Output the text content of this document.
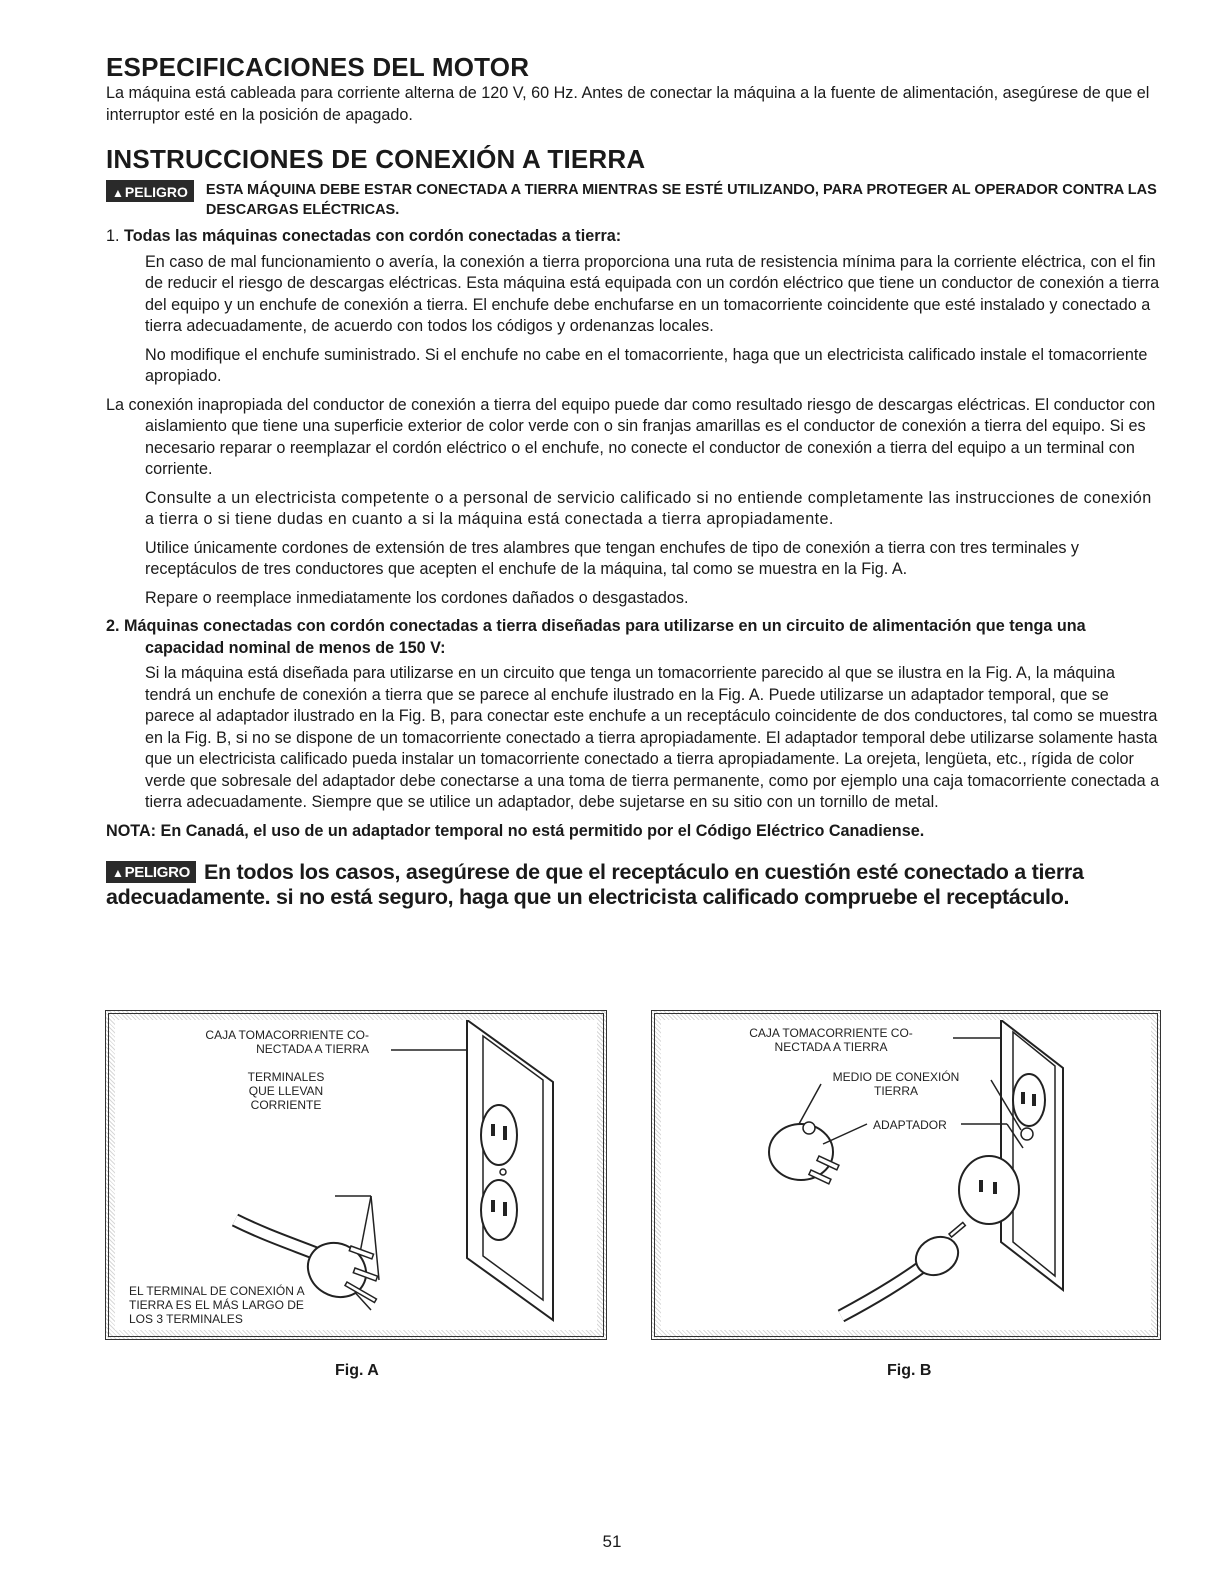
ESPECIFICACIONES DEL MOTOR

La máquina está cableada para corriente alterna de 120 V, 60 Hz. Antes de conectar la máquina a la fuente de alimentación, asegúrese de que el interruptor esté en la posición de apagado.

INSTRUCCIONES DE CONEXIÓN A TIERRA
▲PELIGRO	ESTA MÁQUINA DEBE ESTAR CONECTADA A TIERRA MIENTRAS SE ESTÉ UTILIZANDO, PARA PROTEGER AL OPERADOR CONTRA LAS DESCARGAS ELÉCTRICAS.
1. Todas las máquinas conectadas con cordón conectadas a tierra:

En caso de mal funcionamiento o avería, la conexión a tierra proporciona una ruta de resistencia mínima para la corriente eléctrica, con el fin de reducir el riesgo de descargas eléctricas. Esta máquina está equipada con un cordón eléctrico que tiene un conductor de conexión a tierra del equipo y un enchufe de conexión a tierra. El enchufe debe enchufarse en un tomacorriente coincidente que esté instalado y conectado a tierra adecuadamente, de acuerdo con todos los códigos y ordenanzas locales.

No modifique el enchufe suministrado. Si el enchufe no cabe en el tomacorriente, haga que un electricista calificado instale el tomacorriente apropiado.

La conexión inapropiada del conductor de conexión a tierra del equipo puede dar como resultado riesgo de descargas eléctricas. El conductor con aislamiento que tiene una superficie exterior de color verde con o sin franjas amarillas es el conductor de conexión a tierra del equipo. Si es necesario reparar o reemplazar el cordón eléctrico o el enchufe, no conecte el conductor de conexión a tierra del equipo a un terminal con corriente.

Consulte a un electricista competente o a personal de servicio calificado si no entiende completamente las instrucciones de conexión a tierra o si tiene dudas en cuanto a si la máquina está conectada a tierra apropiadamente.

Utilice únicamente cordones de extensión de tres alambres que tengan enchufes de tipo de conexión a tierra con tres terminales y receptáculos de tres conductores que acepten el enchufe de la máquina, tal como se muestra en la Fig. A.

Repare o reemplace inmediatamente los cordones dañados o desgastados.

2. Máquinas conectadas con cordón conectadas a tierra diseñadas para utilizarse en un circuito de alimentación que tenga una capacidad nominal de menos de 150 V:

Si la máquina está diseñada para utilizarse en un circuito que tenga un tomacorriente parecido al que se ilustra en la Fig. A, la máquina tendrá un enchufe de conexión a tierra que se parece al enchufe ilustrado en la Fig. A. Puede utilizarse un adaptador temporal, que se parece al adaptador ilustrado en la Fig. B, para conectar este enchufe a un receptáculo coincidente de dos conductores, tal como se muestra en la Fig. B, si no se dispone de un tomacorriente conectado a tierra apropiadamente. El adaptador temporal debe utilizarse solamente hasta que un electricista calificado pueda instalar un tomacorriente conectado a tierra apropiadamente. La orejeta, lengüeta, etc., rígida de color verde que sobresale del adaptador debe conectarse a una toma de tierra permanente, como por ejemplo una caja tomacorriente conectada a tierra adecuadamente. Siempre que se utilice un adaptador, debe sujetarse en su sitio con un tornillo de metal.

NOTA: En Canadá, el uso de un adaptador temporal no está permitido por el Código Eléctrico Canadiense.

▲PELIGRO En todos los casos, asegúrese de que el receptáculo en cuestión esté conectado a tierra adecuadamente. si no está seguro, haga que un electricista calificado compruebe el receptáculo.

CAJA TOMACORRIENTE CO-
NECTADA A TIERRA
TERMINALES
QUE LLEVAN
CORRIENTE
EL TERMINAL DE CONEXIÓN A
TIERRA ES EL MÁS LARGO DE
LOS 3 TERMINALES
Fig. A
CAJA TOMACORRIENTE CO-
NECTADA A TIERRA
MEDIO DE CONEXIÓN
TIERRA
ADAPTADOR
Fig. B
51
